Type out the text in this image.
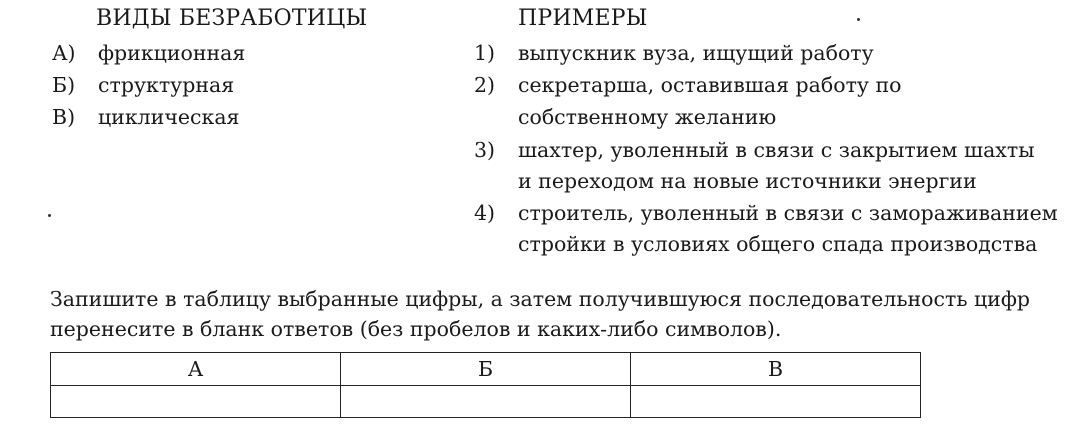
ВИДЫ БЕЗРАБОТИЦЫ	ПРИМЕРЫ
А) фрикционная
Б) структурная
В) циклическая
1) выпускник вуза, ищущий работу
2) секретарша, оставившая работу по
собственному желанию
3) шахтер, уволенный в связи с закрытием шахты
и переходом на новые источники энергии
4) строитель, уволенный в связи с замораживанием
стройки в условиях общего спада производства
Запишите в таблицу выбранные цифры, а затем получившуюся последовательность цифр
перенесите в бланк ответов (без пробелов и каких-либо символов).
А	Б	В
